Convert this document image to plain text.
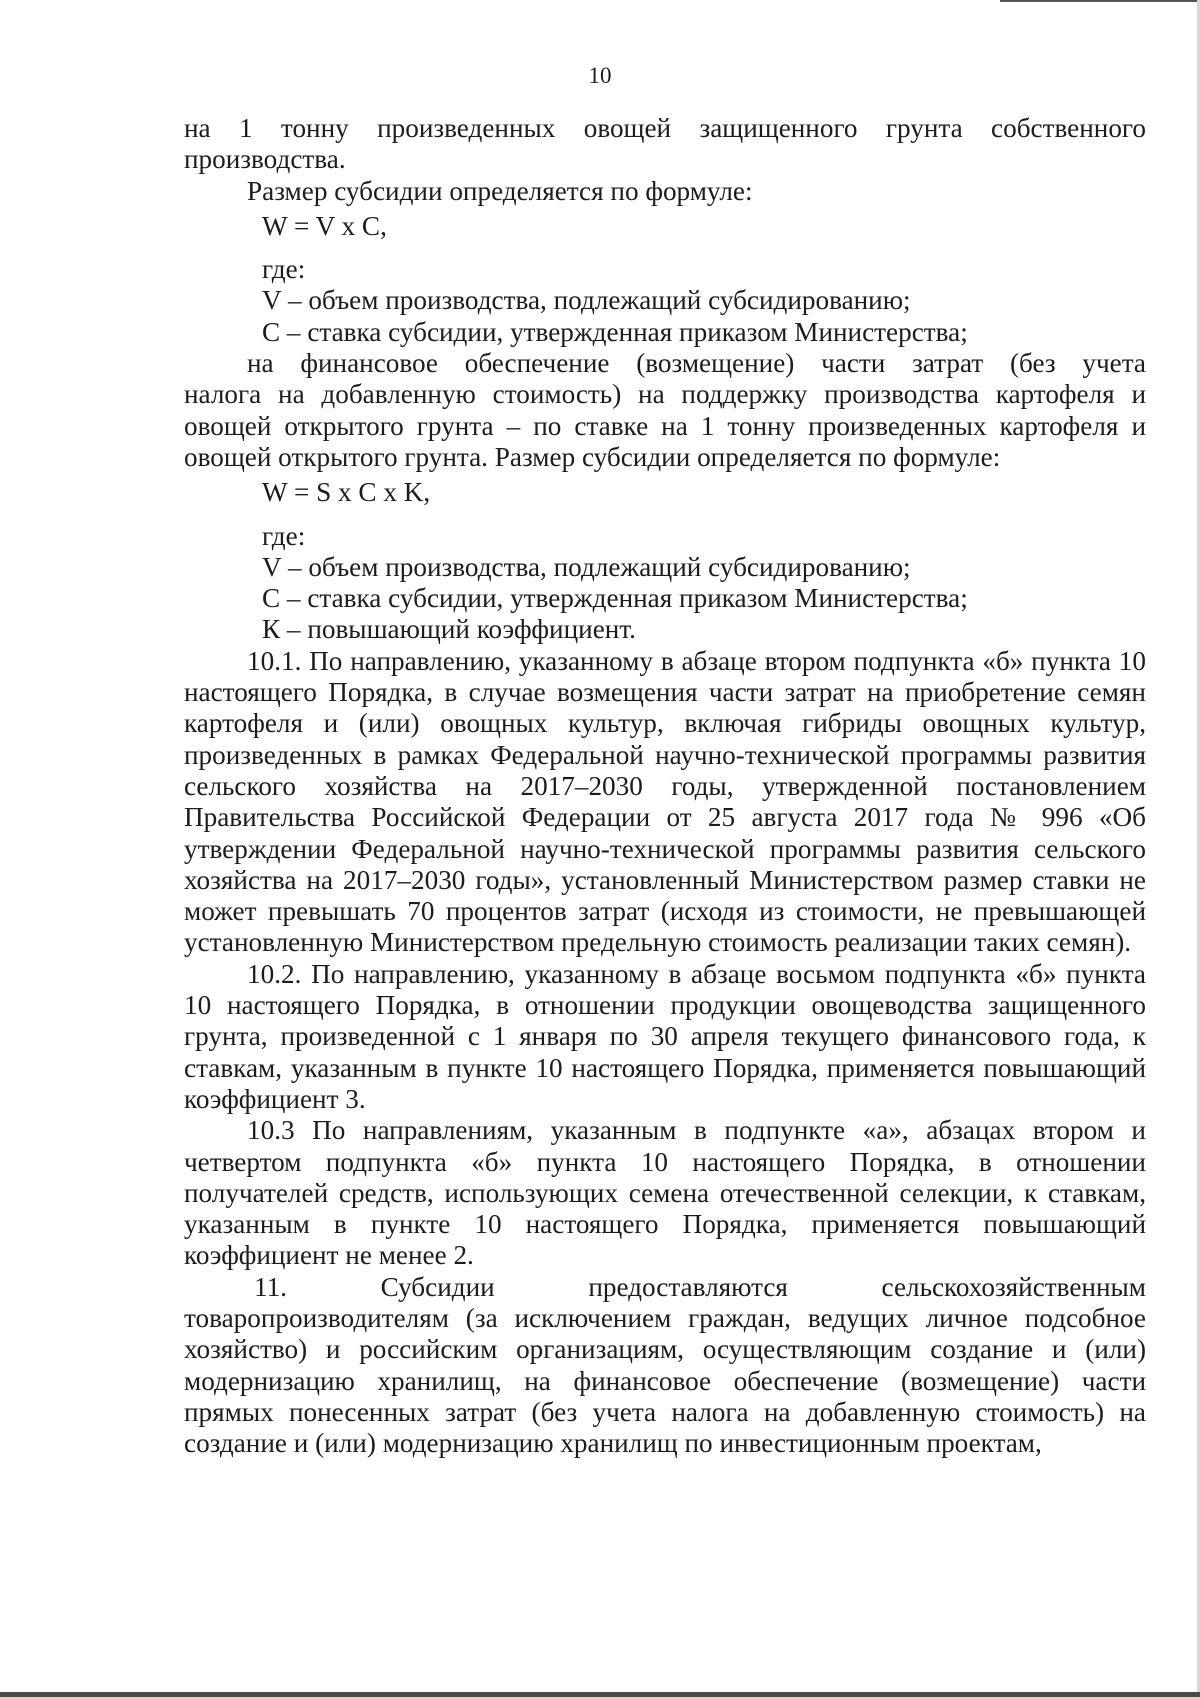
10

на 1 тонну произведенных овощей защищенного грунта собственного

производства.

Размер субсидии определяется по формуле:

W = V x C,

где:

V – объем производства, подлежащий субсидированию;

C – ставка субсидии, утвержденная приказом Министерства;

на финансовое обеспечение (возмещение) части затрат (без учета

налога на добавленную стоимость) на поддержку производства картофеля и

овощей открытого грунта – по ставке на 1 тонну произведенных картофеля и

овощей открытого грунта. Размер субсидии определяется по формуле:

W = S x C x K,

где:

V – объем производства, подлежащий субсидированию;

C – ставка субсидии, утвержденная приказом Министерства;

К – повышающий коэффициент.

10.1. По направлению, указанному в абзаце втором подпункта «б» пункта 10 настоящего Порядка, в случае возмещения части затрат на приобретение семян картофеля и (или) овощных культур, включая гибриды овощных культур, произведенных в рамках Федеральной научно-технической программы развития сельского хозяйства на 2017–2030 годы, утвержденной постановлением Правительства Российской Федерации от 25 августа 2017 года № 996 «Об утверждении Федеральной научно-технической программы развития сельского хозяйства на 2017–2030 годы», установленный Министерством размер ставки не может превышать 70 процентов затрат (исходя из стоимости, не превышающей установленную Министерством предельную стоимость реализации таких семян).

10.2. По направлению, указанному в абзаце восьмом подпункта «б» пункта 10 настоящего Порядка, в отношении продукции овощеводства защищенного грунта, произведенной с 1 января по 30 апреля текущего финансового года, к ставкам, указанным в пункте 10 настоящего Порядка, применяется повышающий коэффициент 3.

10.3 По направлениям, указанным в подпункте «а», абзацах втором и четвертом подпункта «б» пункта 10 настоящего Порядка, в отношении получателей средств, использующих семена отечественной селекции, к ставкам, указанным в пункте 10 настоящего Порядка, применяется повышающий коэффициент не менее 2.

11. Субсидии предоставляются сельскохозяйственным товаропроизводителям (за исключением граждан, ведущих личное подсобное хозяйство) и российским организациям, осуществляющим создание и (или) модернизацию хранилищ, на финансовое обеспечение (возмещение) части прямых понесенных затрат (без учета налога на добавленную стоимость) на создание и (или) модернизацию хранилищ по инвестиционным проектам,
